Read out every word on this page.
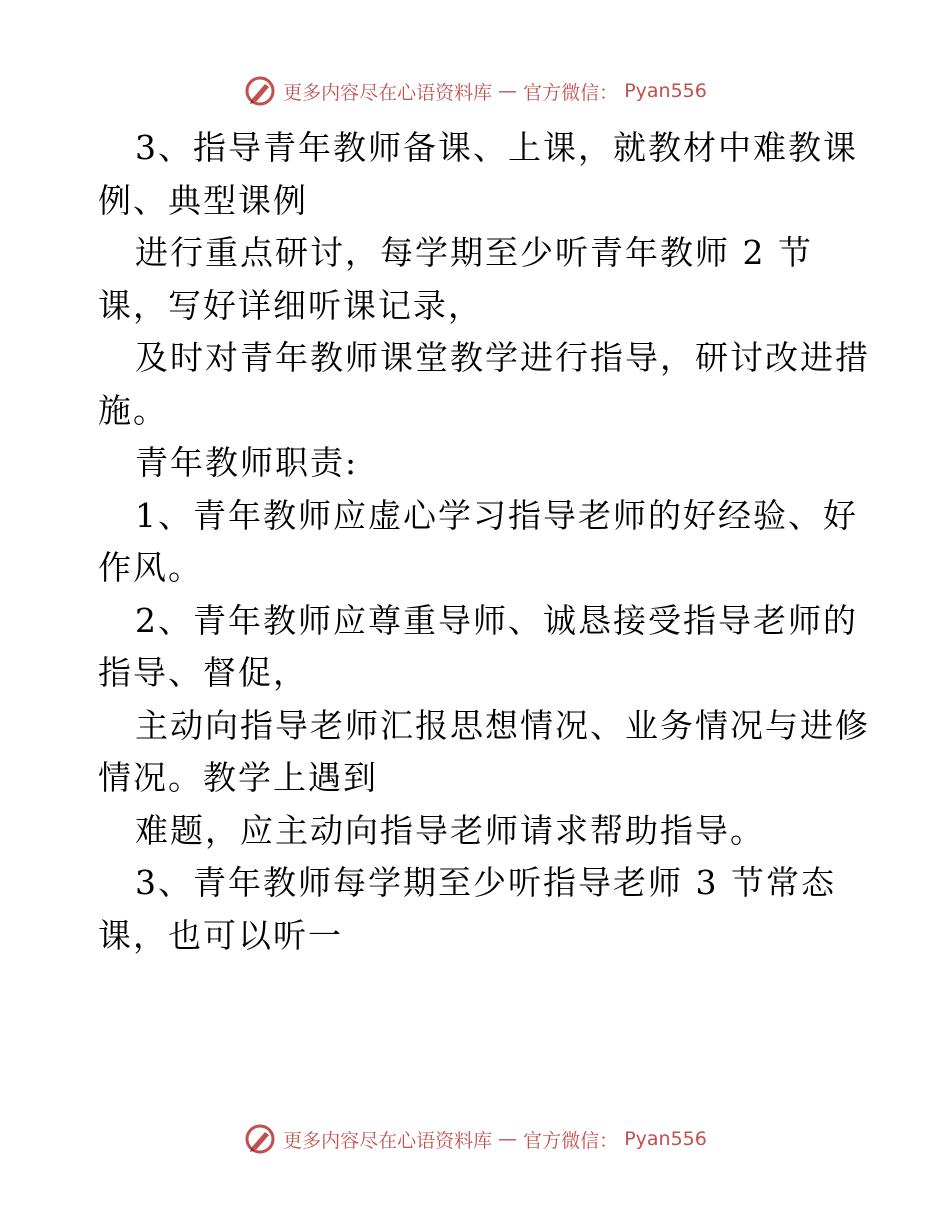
更多内容尽在心语资料库 — 官方微信： Pyan556
3、指导青年教师备课、上课，就教材中难教课
例、典型课例
进行重点研讨，每学期至少听青年教师 2 节
课，写好详细听课记录，
及时对青年教师课堂教学进行指导，研讨改进措
施。
青年教师职责:
1、青年教师应虚心学习指导老师的好经验、好
作风。
2、青年教师应尊重导师、诚恳接受指导老师的
指导、督促，
主动向指导老师汇报思想情况、业务情况与进修
情况。教学上遇到
难题，应主动向指导老师请求帮助指导。
3、青年教师每学期至少听指导老师 3 节常态
课，也可以听一
更多内容尽在心语资料库 — 官方微信： Pyan556
